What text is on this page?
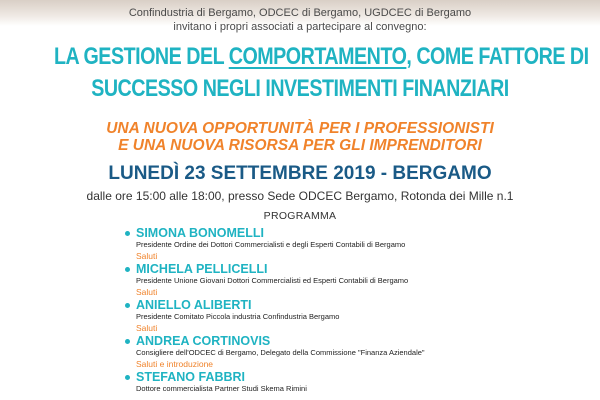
Confindustria di Bergamo, ODCEC di Bergamo, UGDCEC di Bergamo
invitano i propri associati a partecipare al convegno:
LA GESTIONE DEL COMPORTAMENTO, COME FATTORE DI
SUCCESSO NEGLI INVESTIMENTI FINANZIARI
UNA NUOVA OPPORTUNITÀ PER I PROFESSIONISTI
E UNA NUOVA RISORSA PER GLI IMPRENDITORI
LUNEDÌ 23 SETTEMBRE 2019 - BERGAMO
dalle ore 15:00 alle 18:00, presso Sede ODCEC Bergamo, Rotonda dei Mille n.1
PROGRAMMA
SIMONA BONOMELLI
Presidente Ordine dei Dottori Commercialisti e degli Esperti Contabili di Bergamo
Saluti
MICHELA PELLICELLI
Presidente Unione Giovani Dottori Commercialisti ed Esperti Contabili di Bergamo
Saluti
ANIELLO ALIBERTI
Presidente Comitato Piccola industria Confindustria Bergamo
Saluti
ANDREA CORTINOVIS
Consigliere dell'ODCEC di Bergamo, Delegato della Commissione "Finanza Aziendale"
Saluti e introduzione
STEFANO FABBRI
Dottore commercialista Partner Studi Skema Rimini
